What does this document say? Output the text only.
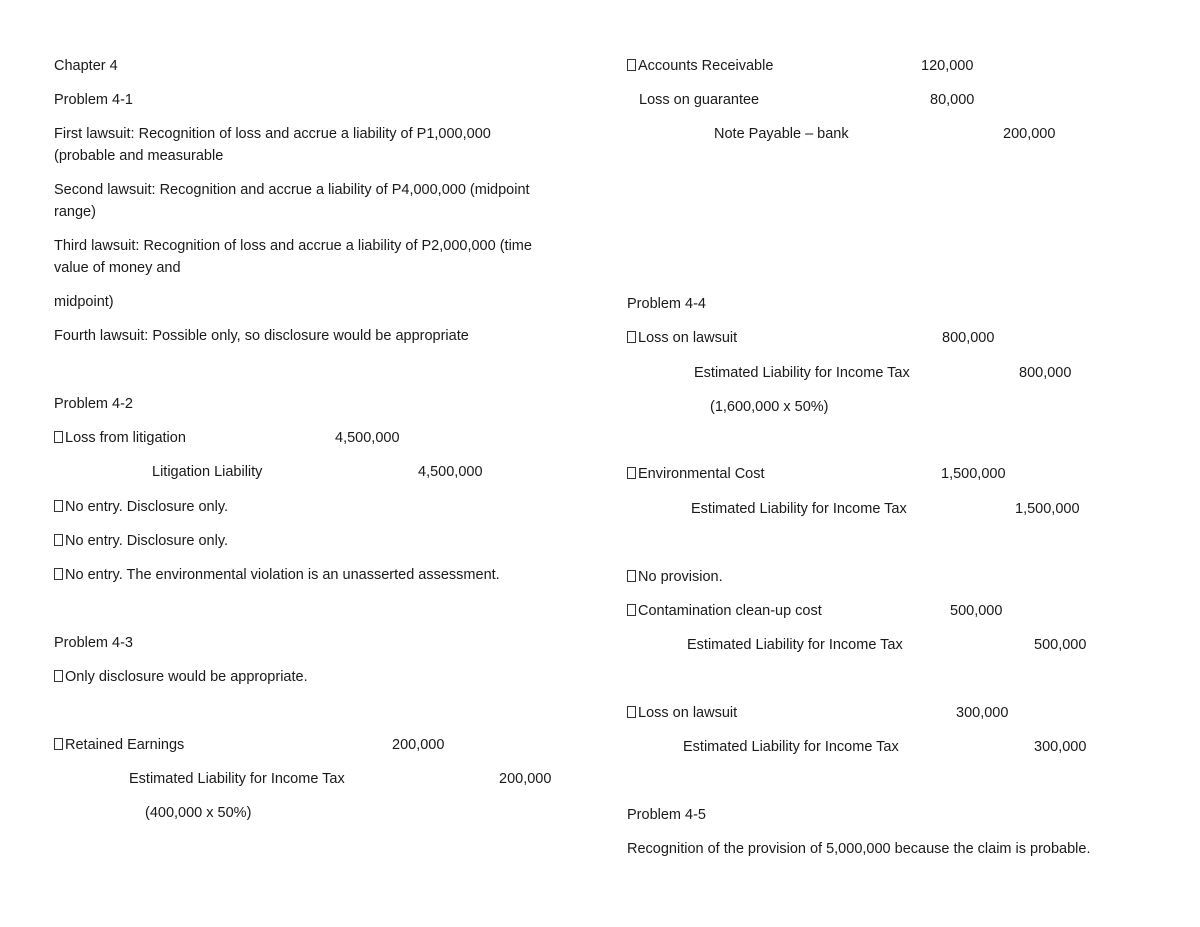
Chapter 4
Problem 4-1
First lawsuit: Recognition of loss and accrue a liability of P1,000,000 (probable and measurable
Second lawsuit: Recognition and accrue a liability of P4,000,000 (midpoint range)
Third lawsuit: Recognition of loss and accrue a liability of P2,000,000 (time value of money and
midpoint)
Fourth lawsuit: Possible only, so disclosure would be appropriate
Problem 4-2
Loss from litigation	4,500,000
Litigation Liability	4,500,000
No entry. Disclosure only.
No entry. Disclosure only.
No entry. The environmental violation is an unasserted assessment.
Problem 4-3
Only disclosure would be appropriate.
Retained Earnings	200,000
Estimated Liability for Income Tax	200,000
(400,000 x 50%)
Accounts Receivable	120,000
Loss on guarantee	80,000
Note Payable – bank	200,000
Problem 4-4
Loss on lawsuit	800,000
Estimated Liability for Income Tax	800,000
(1,600,000 x 50%)
Environmental Cost	1,500,000
Estimated Liability for Income Tax	1,500,000
No provision.
Contamination clean-up cost	500,000
Estimated Liability for Income Tax	500,000
Loss on lawsuit	300,000
Estimated Liability for Income Tax	300,000
Problem 4-5
Recognition of the provision of 5,000,000 because the claim is probable.
